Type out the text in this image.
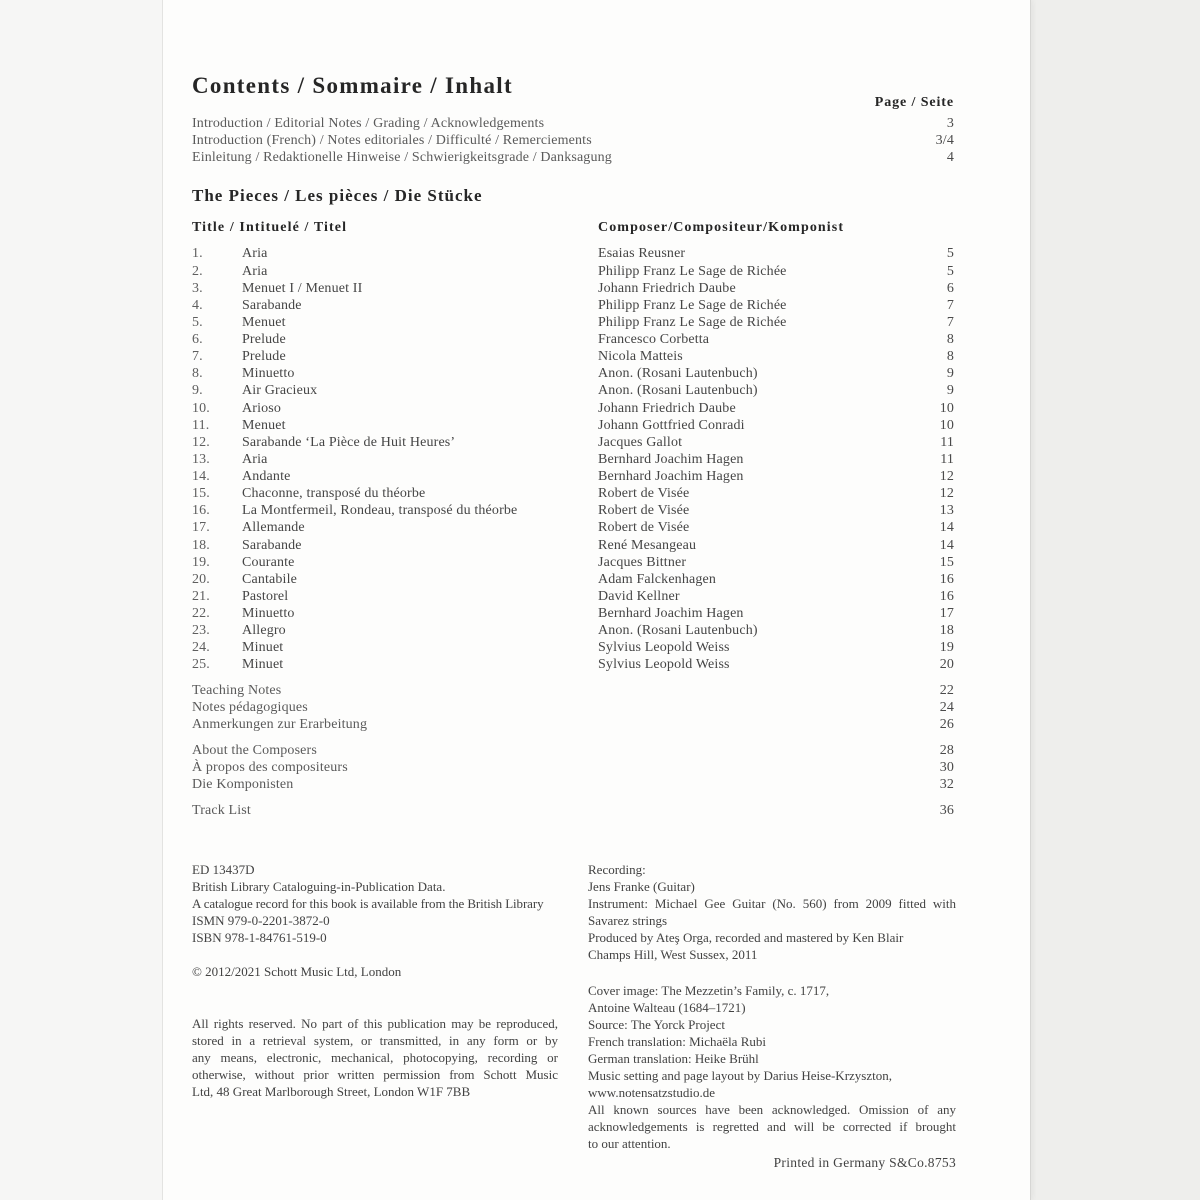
Contents / Sommaire / Inhalt
Page / Seite
Introduction / Editorial Notes / Grading / Acknowledgements	3
Introduction (French) / Notes editoriales / Difficulté / Remerciements	3/4
Einleitung / Redaktionelle Hinweise / Schwierigkeitsgrade / Danksagung	4
The Pieces / Les pièces / Die Stücke
Title / Intituelé / Titel	Composer/Compositeur/Komponist
1.	Aria	Esaias Reusner	5
2.	Aria	Philipp Franz Le Sage de Richée	5
3.	Menuet I / Menuet II	Johann Friedrich Daube	6
4.	Sarabande	Philipp Franz Le Sage de Richée	7
5.	Menuet	Philipp Franz Le Sage de Richée	7
6.	Prelude	Francesco Corbetta	8
7.	Prelude	Nicola Matteis	8
8.	Minuetto	Anon. (Rosani Lautenbuch)	9
9.	Air Gracieux	Anon. (Rosani Lautenbuch)	9
10. Arioso	Johann Friedrich Daube	10
11. Menuet	Johann Gottfried Conradi	10
12. Sarabande ‘La Pièce de Huit Heures’	Jacques Gallot	11
13. Aria	Bernhard Joachim Hagen	11
14. Andante	Bernhard Joachim Hagen	12
15. Chaconne, transposé du théorbe	Robert de Visée	12
16. La Montfermeil, Rondeau, transposé du théorbe	Robert de Visée	13
17. Allemande	Robert de Visée	14
18. Sarabande	René Mesangeau	14
19. Courante	Jacques Bittner	15
20. Cantabile	Adam Falckenhagen	16
21. Pastorel	David Kellner	16
22. Minuetto	Bernhard Joachim Hagen	17
23. Allegro	Anon. (Rosani Lautenbuch)	18
24. Minuet	Sylvius Leopold Weiss	19
25. Minuet	Sylvius Leopold Weiss	20
Teaching Notes	22
Notes pédagogiques	24
Anmerkungen zur Erarbeitung	26
About the Composers	28
À propos des compositeurs	30
Die Komponisten	32
Track List	36
ED 13437D
British Library Cataloguing-in-Publication Data.
A catalogue record for this book is available from the British Library
ISMN 979-0-2201-3872-0
ISBN 978-1-84761-519-0
© 2012/2021 Schott Music Ltd, London
All rights reserved. No part of this publication may be reproduced,
stored in a retrieval system, or transmitted, in any form or by
any means, electronic, mechanical, photocopying, recording or
otherwise, without prior written permission from Schott Music
Ltd, 48 Great Marlborough Street, London W1F 7BB
Recording:
Jens Franke (Guitar)
Instrument: Michael Gee Guitar (No. 560) from 2009 fitted with
Savarez strings
Produced by Ateş Orga, recorded and mastered by Ken Blair
Champs Hill, West Sussex, 2011
Cover image: The Mezzetin’s Family, c. 1717,
Antoine Walteau (1684–1721)
Source: The Yorck Project
French translation: Michaëla Rubi
German translation: Heike Brühl
Music setting and page layout by Darius Heise-Krzyszton,
www.notensatzstudio.de
All known sources have been acknowledged. Omission of any
acknowledgements is regretted and will be corrected if brought
to our attention.
Printed in Germany S&Co.8753
